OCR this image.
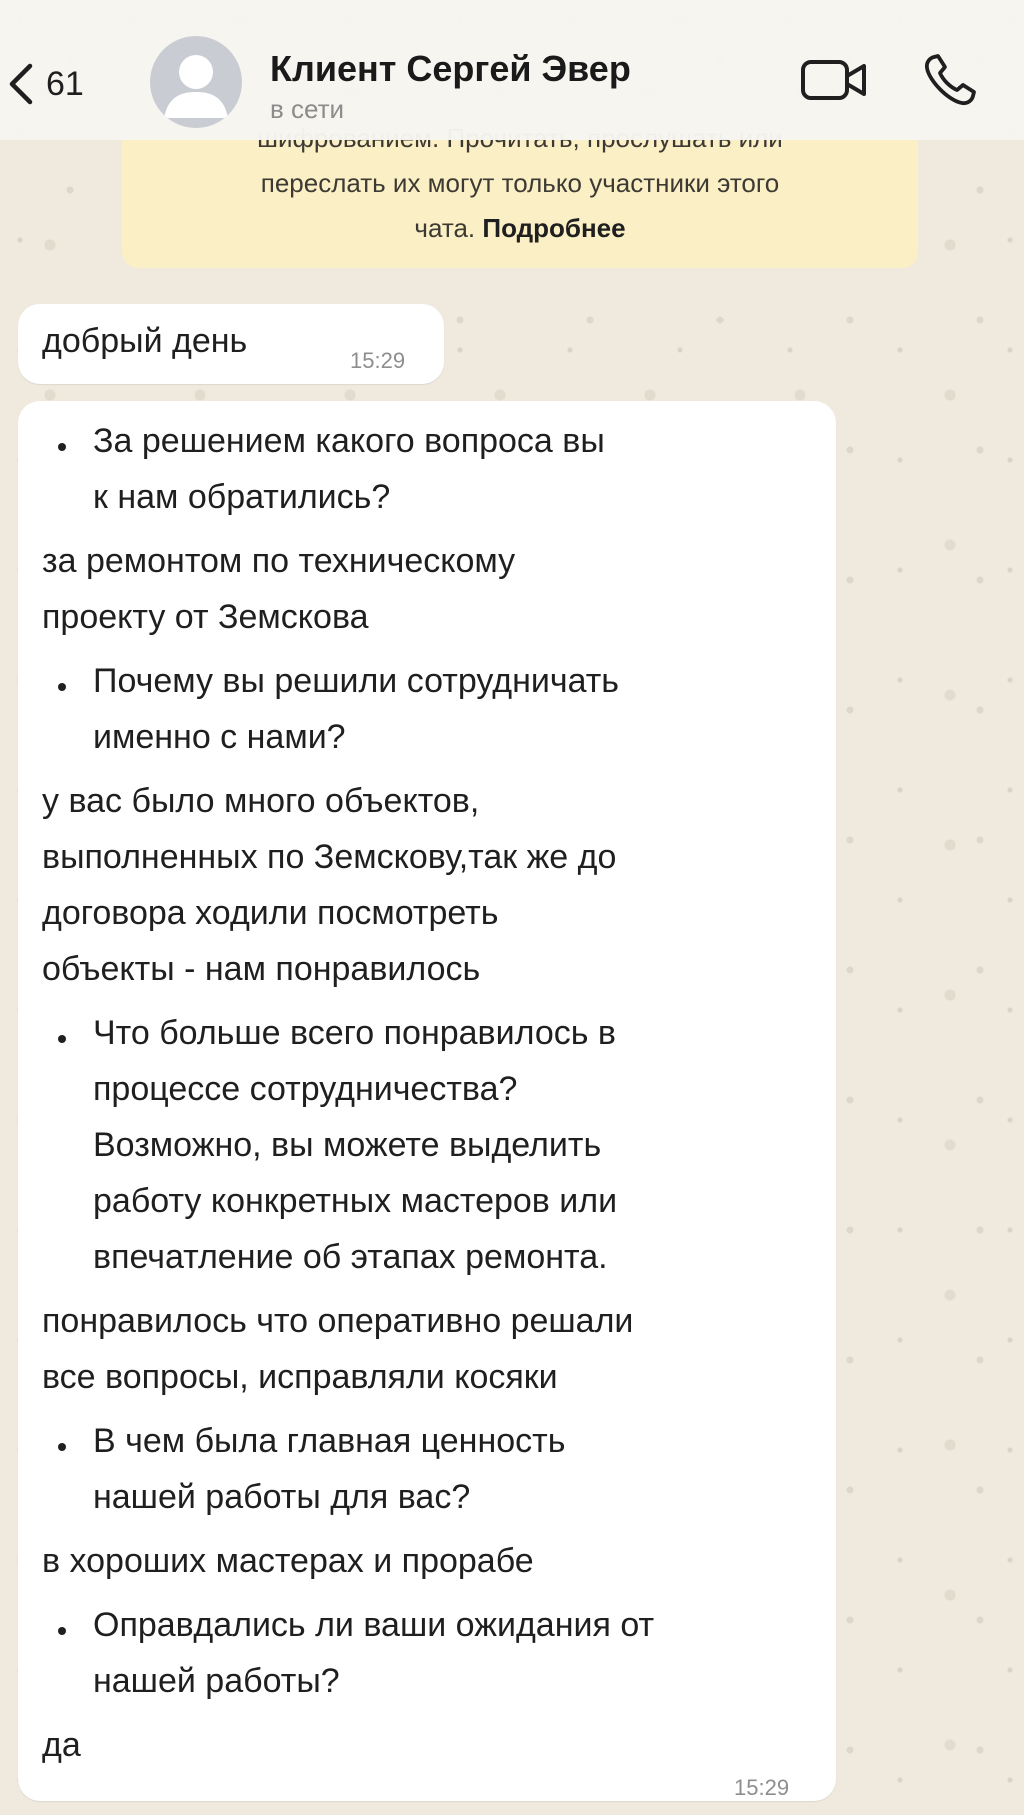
61	Клиент Сергей Эвер
в сети
переслать их могут только участники этого
чата. Подробнее
добрый день
15:29
За решением какого вопроса вы
к нам обратились?
за ремонтом по техническому
проекту от Земскова
Почему вы решили сотрудничать
именно с нами?
у вас было много объектов,
выполненных по Земскову,так же до
договора ходили посмотреть
объекты - нам понравилось
Что больше всего понравилось в
процессе сотрудничества?
Возможно, вы можете выделить
работу конкретных мастеров или
впечатление об этапах ремонта.
понравилось что оперативно решали
все вопросы, исправляли косяки
В чем была главная ценность
нашей работы для вас?
в хороших мастерах и прорабе
Оправдались ли ваши ожидания от
нашей работы?
да
15:29
